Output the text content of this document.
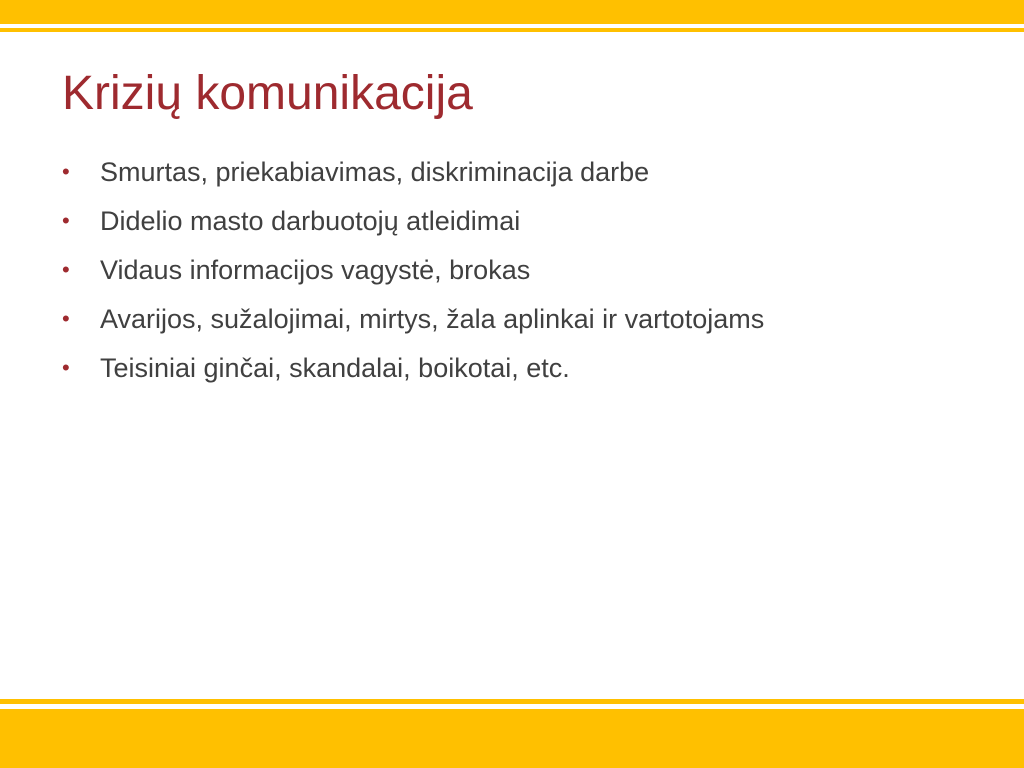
Krizių komunikacija
•	Smurtas, priekabiavimas, diskriminacija darbe
•	Didelio masto darbuotojų atleidimai
•	Vidaus informacijos vagystė, brokas
•	Avarijos, sužalojimai, mirtys, žala aplinkai ir vartotojams
•	Teisiniai ginčai, skandalai, boikotai, etc.
